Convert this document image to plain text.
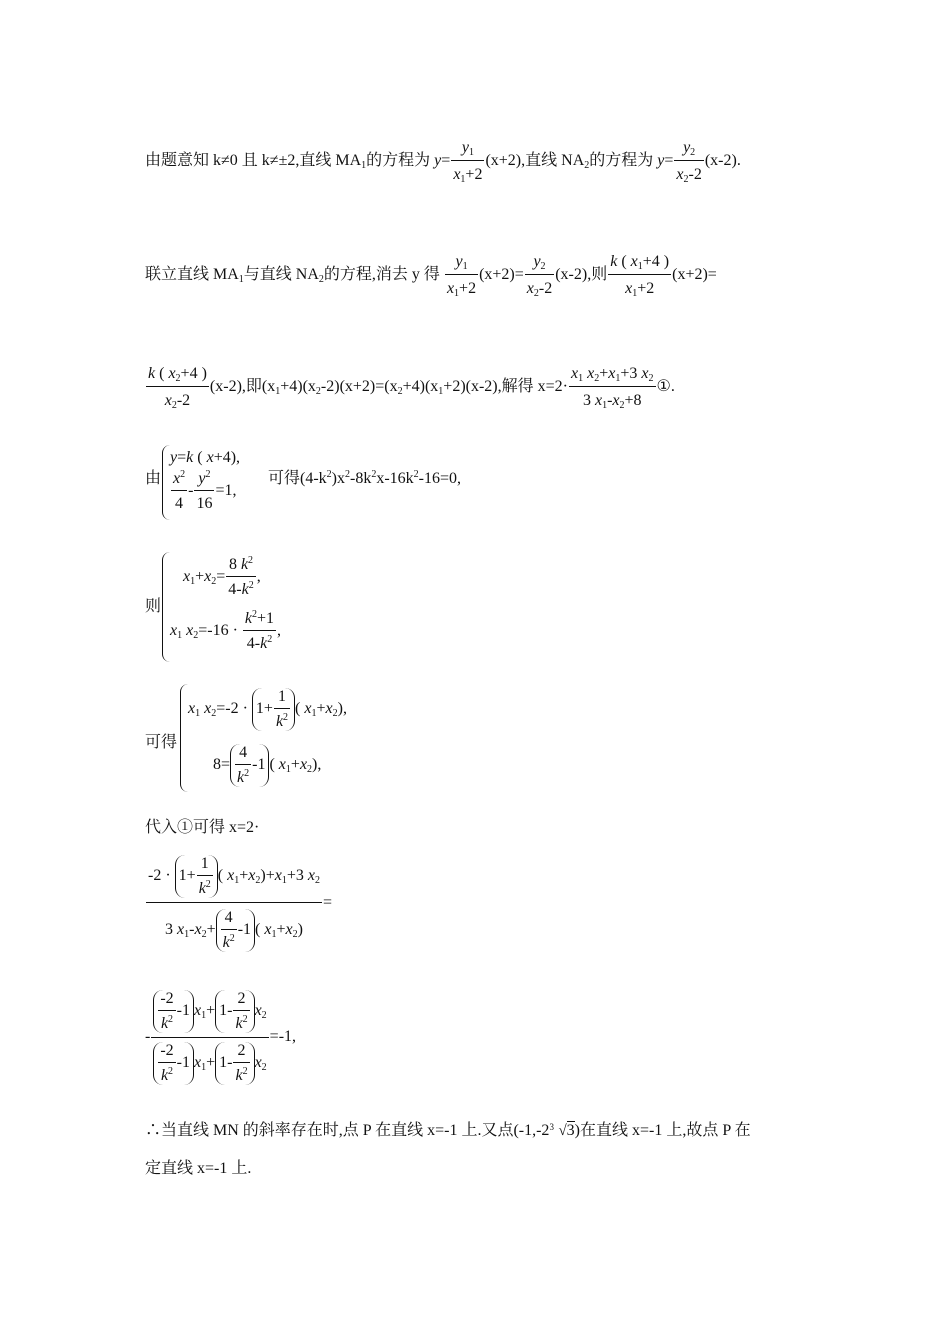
由题意知 k≠0 且 k≠±2,直线 $MA_1$的方程为 $y= \frac{y_1}{x_1+2} (x+2)$,直线 $NA_2$的方程为 $y= \frac{y_2}{x_2-2} (x-2)$.
联立直线 $MA_1$与直线 $NA_2$的方程,消去 y 得 $\frac{y_1}{x_1+2} (x+2)= \frac{y_2}{x_2-2} (x-2)$,则 $\frac{k ( x_1+4 )}{x_1+2} (x+2)=$
$\frac{k ( x_2+4 )}{x_2-2} (x-2)$,即$(x_1+4)(x_2-2)(x+2)=(x_2+4)(x_1+2)(x-2)$,解得 $x=2\cdot \frac{x_1 x_2+x_1+3 x_2}{3 x_1-x_2+8}$ ①.
由
y=k ( x+4),
$\frac{x^2}{4} - \frac{y^2}{16} =1$,
可得$(4-k^2)x^2-8k^2x-16k^2-16=0$,
则
$x_1+x_2= \frac{8 k^2}{4-k^2}$ ,
$x_1$ $x_2=-16 \cdot \frac{k^2+1}{4-k^2}$ ,
可得
$x_1$ $x_2=-2 \cdot 1+ \frac{1}{k^2}$ ( $x_1+x_2$),
$8= \frac{4}{k^2} -1$ ( $x_1+x_2$),
代入①可得 x=2·
$\frac{-2 \cdot 1+ \frac{1}{k^2} ( x_1+x_2)+x_1+3 x_2}{3 x_1-x_2+ \frac{4}{k^2} -1 ( x_1+x_2)}$ =
- $\frac{\frac{-2}{k^2} -1 x_1+ 1- \frac{2}{k^2} x_2}{\frac{-2}{k^2} -1 x_1+ 1- \frac{2}{k^2} x_2} =-1$,
∴当直线 MN 的斜率存在时,点 P 在直线 x=-1 上.又点(-1,-2 3 √3)在直线 x=-1 上,故点 P 在
定直线 x=-1 上.
